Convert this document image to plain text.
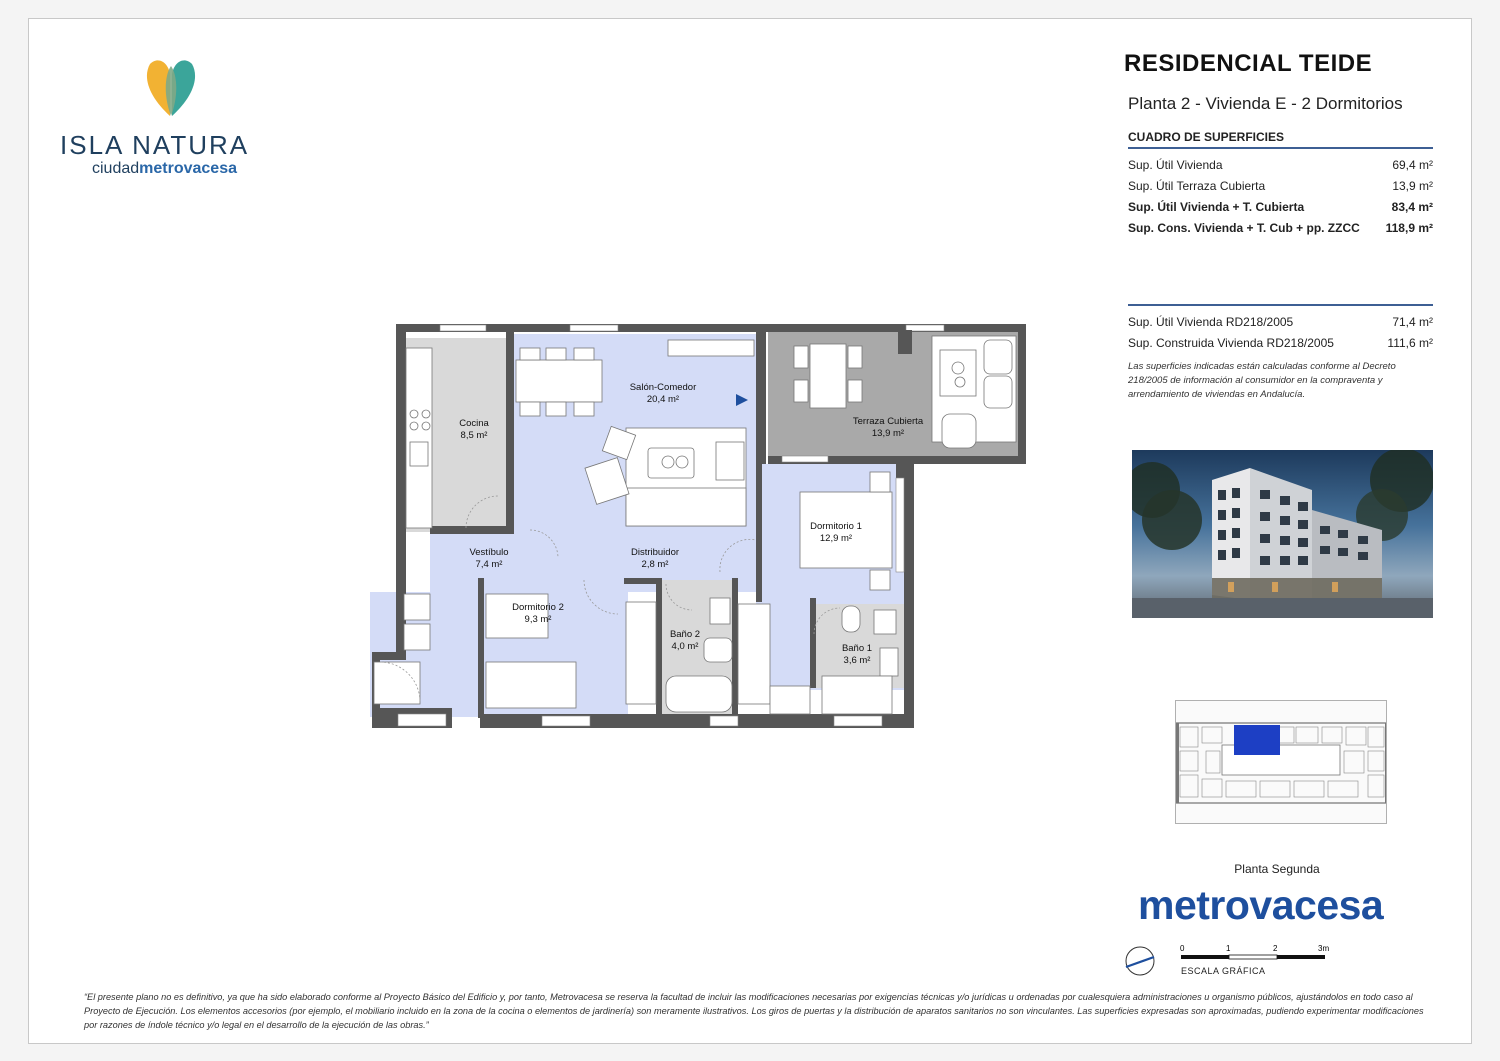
ISLA NATURA
ciudadmetrovacesa
RESIDENCIAL TEIDE
Planta 2 - Vivienda E - 2 Dormitorios
CUADRO DE SUPERFICIES
Sup. Útil Vivienda	69,4 m²
Sup. Útil Terraza Cubierta	13,9 m²
Sup. Útil Vivienda + T. Cubierta	83,4 m²
Sup. Cons. Vivienda + T. Cub + pp. ZZCC 118,9 m²
Sup. Útil Vivienda RD218/2005	71,4 m²
Sup. Construida Vivienda RD218/2005	111,6 m²
Las superficies indicadas están calculadas conforme al Decreto 218/2005 de información al consumidor en la compraventa y arrendamiento de viviendas en Andalucía.
Planta Segunda
metrovacesa
0	1	2	3m
ESCALA GRÁFICA
Salón-Comedor
20,4 m²
Terraza Cubierta
13,9 m²
Cocina
8,5 m²
Dormitorio 1
12,9 m²
Vestíbulo
7,4 m²
Distribuidor
2,8 m²
Dormitorio 2
9,3 m²
Baño 2
4,0 m²	Baño 1
3,6 m²
“El presente plano no es definitivo, ya que ha sido elaborado conforme al Proyecto Básico del Edificio y, por tanto, Metrovacesa se reserva la facultad de incluir las modificaciones necesarias por exigencias técnicas y/o jurídicas u ordenadas por cualesquiera administraciones u organismo públicos, ajustándolos en todo caso al Proyecto de Ejecución. Los elementos accesorios (por ejemplo, el mobiliario incluido en la zona de la cocina o elementos de jardinería) son meramente ilustrativos. Los giros de puertas y la distribución de aparatos sanitarios no son vinculantes. Las superficies expresadas son aproximadas, pudiendo experimentar modificaciones por razones de índole técnico y/o legal en el desarrollo de la ejecución de las obras.”
